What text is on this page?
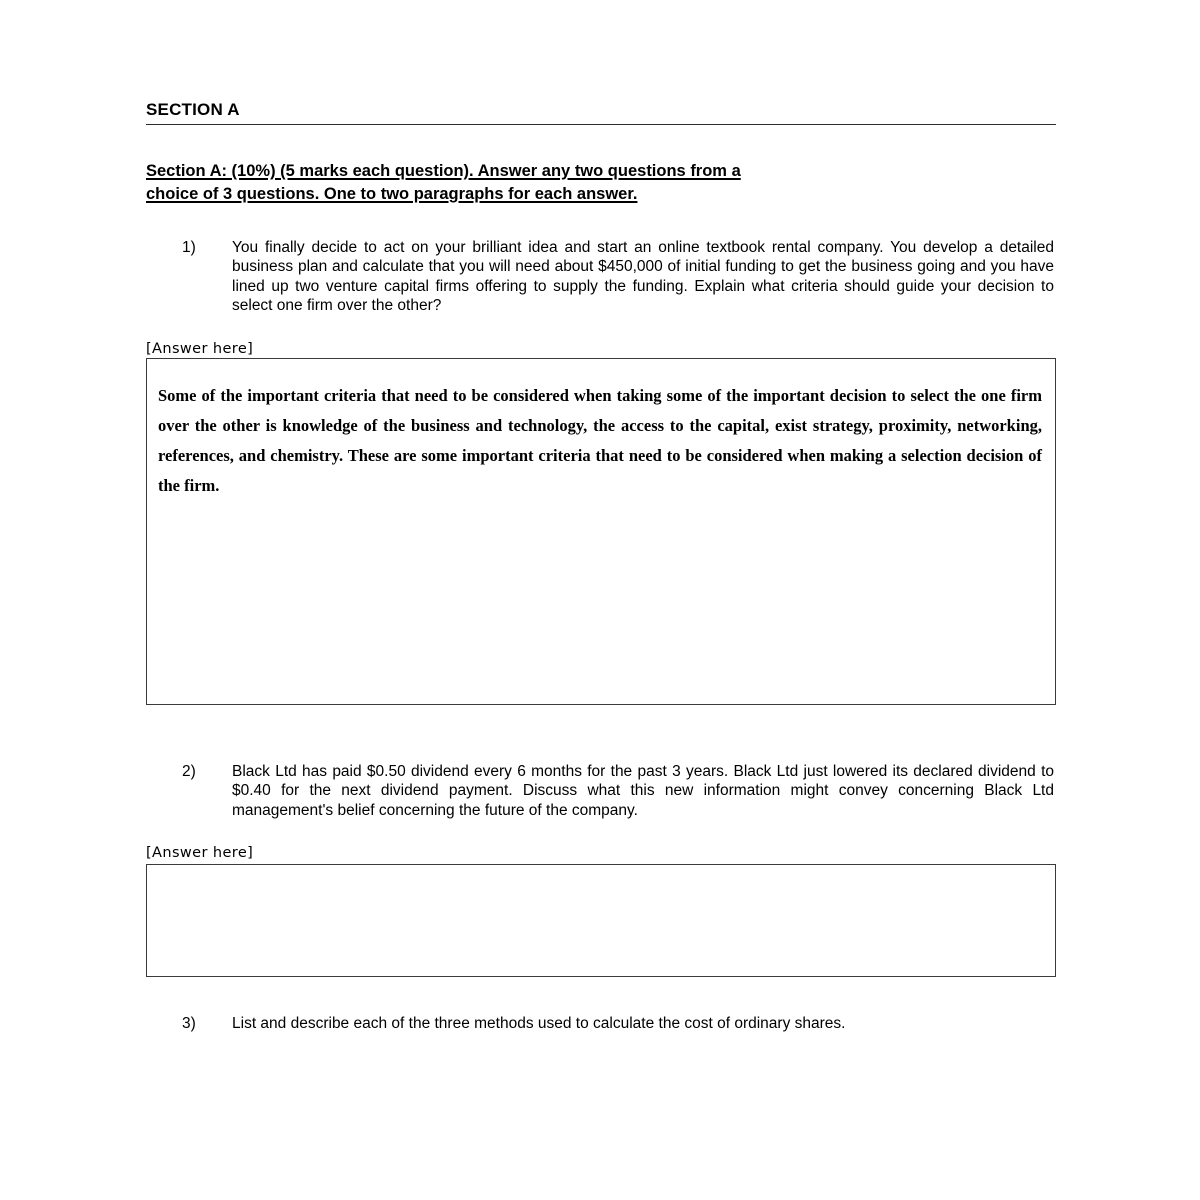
SECTION A
Section A: (10%) (5 marks each question). Answer any two questions from a
choice of 3 questions. One to two paragraphs for each answer.
1)	You finally decide to act on your brilliant idea and start an online textbook rental company. You develop a detailed business plan and calculate that you will need about $450,000 of initial funding to get the business going and you have lined up two venture capital firms offering to supply the funding. Explain what criteria should guide your decision to select one firm over the other?
[Answer here]

Some of the important criteria that need to be considered when taking some of the important decision to select the one firm over the other is knowledge of the business and technology, the access to the capital, exist strategy, proximity, networking, references, and chemistry. These are some important criteria that need to be considered when making a selection decision of the firm.

2)	Black Ltd has paid $0.50 dividend every 6 months for the past 3 years. Black Ltd just lowered its declared dividend to $0.40 for the next dividend payment. Discuss what this new information might convey concerning Black Ltd management's belief concerning the future of the company.
[Answer here]

3)	List and describe each of the three methods used to calculate the cost of ordinary shares.
